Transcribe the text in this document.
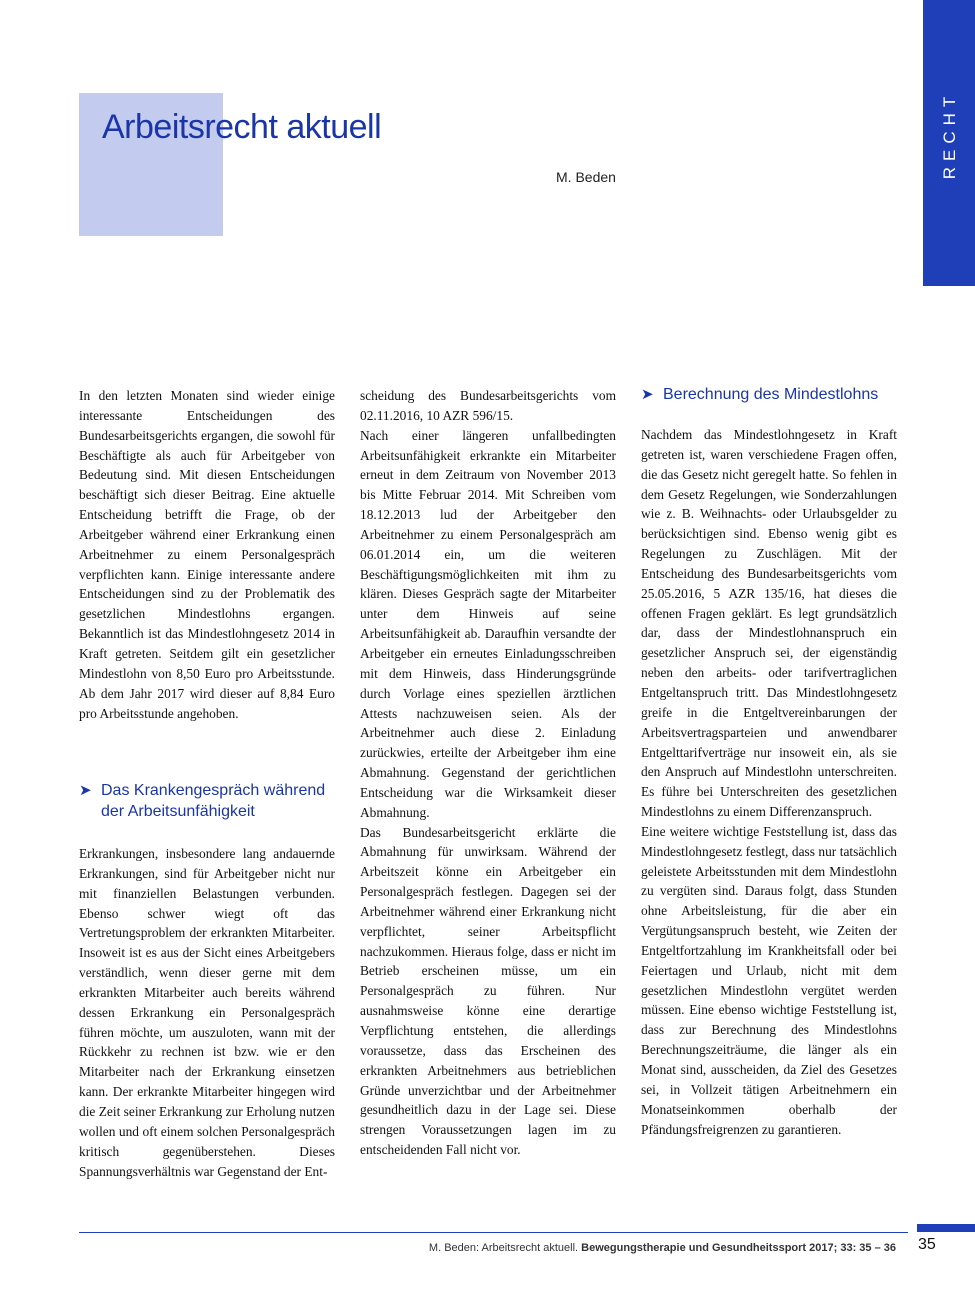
Arbeitsrecht aktuell
M. Beden	RECHT

In den letzten Monaten sind wieder einige interessante Entscheidungen des Bundesarbeitsgerichts ergangen, die sowohl für Beschäftigte als auch für Arbeitgeber von Bedeutung sind. Mit diesen Entscheidungen beschäftigt sich dieser Beitrag. Eine aktuelle Entscheidung betrifft die Frage, ob der Arbeitgeber während einer Erkrankung einen Arbeitnehmer zu einem Personalgespräch verpflichten kann. Einige interessante andere Entscheidungen sind zu der Problematik des gesetzlichen Mindestlohns ergangen. Bekanntlich ist das Mindestlohngesetz 2014 in Kraft getreten. Seitdem gilt ein gesetzlicher Mindestlohn von 8,50 Euro pro Arbeitsstunde. Ab dem Jahr 2017 wird dieser auf 8,84 Euro pro Arbeitsstunde angehoben.

➤ Das Krankengespräch während der Arbeitsunfähigkeit

Erkrankungen, insbesondere lang andauernde Erkrankungen, sind für Arbeitgeber nicht nur mit finanziellen Belastungen verbunden. Ebenso schwer wiegt oft das Vertretungsproblem der erkrankten Mitarbeiter. Insoweit ist es aus der Sicht eines Arbeitgebers verständlich, wenn dieser gerne mit dem erkrankten Mitarbeiter auch bereits während dessen Erkrankung ein Personalgespräch führen möchte, um auszuloten, wann mit der Rückkehr zu rechnen ist bzw. wie er den Mitarbeiter nach der Erkrankung einsetzen kann. Der erkrankte Mitarbeiter hingegen wird die Zeit seiner Erkrankung zur Erholung nutzen wollen und oft einem solchen Personalgespräch kritisch gegenüberstehen. Dieses Spannungsverhältnis war Gegenstand der Ent-

scheidung des Bundesarbeitsgerichts vom 02.11.2016, 10 AZR 596/15.

Nach einer längeren unfallbedingten Arbeitsunfähigkeit erkrankte ein Mitarbeiter erneut in dem Zeitraum von November 2013 bis Mitte Februar 2014. Mit Schreiben vom 18.12.2013 lud der Arbeitgeber den Arbeitnehmer zu einem Personalgespräch am 06.01.2014 ein, um die weiteren Beschäftigungsmöglichkeiten mit ihm zu klären. Dieses Gespräch sagte der Mitarbeiter unter dem Hinweis auf seine Arbeitsunfähigkeit ab. Daraufhin versandte der Arbeitgeber ein erneutes Einladungsschreiben mit dem Hinweis, dass Hinderungsgründe durch Vorlage eines speziellen ärztlichen Attests nachzuweisen seien. Als der Arbeitnehmer auch diese 2. Einladung zurückwies, erteilte der Arbeitgeber ihm eine Abmahnung. Gegenstand der gerichtlichen Entscheidung war die Wirksamkeit dieser Abmahnung.

Das Bundesarbeitsgericht erklärte die Abmahnung für unwirksam. Während der Arbeitszeit könne ein Arbeitgeber ein Personalgespräch festlegen. Dagegen sei der Arbeitnehmer während einer Erkrankung nicht verpflichtet, seiner Arbeitspflicht nachzukommen. Hieraus folge, dass er nicht im Betrieb erscheinen müsse, um ein Personalgespräch zu führen. Nur ausnahmsweise könne eine derartige Verpflichtung entstehen, die allerdings voraussetze, dass das Erscheinen des erkrankten Arbeitnehmers aus betrieblichen Gründe unverzichtbar und der Arbeitnehmer gesundheitlich dazu in der Lage sei. Diese strengen Voraussetzungen lagen im zu entscheidenden Fall nicht vor.

➤ Berechnung des Mindestlohns

Nachdem das Mindestlohngesetz in Kraft getreten ist, waren verschiedene Fragen offen, die das Gesetz nicht geregelt hatte. So fehlen in dem Gesetz Regelungen, wie Sonderzahlungen wie z. B. Weihnachts- oder Urlaubsgelder zu berücksichtigen sind. Ebenso wenig gibt es Regelungen zu Zuschlägen. Mit der Entscheidung des Bundesarbeitsgerichts vom 25.05.2016, 5 AZR 135/16, hat dieses die offenen Fragen geklärt. Es legt grundsätzlich dar, dass der Mindestlohnanspruch ein gesetzlicher Anspruch sei, der eigenständig neben den arbeits- oder tarifvertraglichen Entgeltanspruch tritt. Das Mindestlohngesetz greife in die Entgeltvereinbarungen der Arbeitsvertragsparteien und anwendbarer Entgelttarifverträge nur insoweit ein, als sie den Anspruch auf Mindestlohn unterschreiten. Es führe bei Unterschreiten des gesetzlichen Mindestlohns zu einem Differenzanspruch.

Eine weitere wichtige Feststellung ist, dass das Mindestlohngesetz festlegt, dass nur tatsächlich geleistete Arbeitsstunden mit dem Mindestlohn zu vergüten sind. Daraus folgt, dass Stunden ohne Arbeitsleistung, für die aber ein Vergütungsanspruch besteht, wie Zeiten der Entgeltfortzahlung im Krankheitsfall oder bei Feiertagen und Urlaub, nicht mit dem gesetzlichen Mindestlohn vergütet werden müssen. Eine ebenso wichtige Feststellung ist, dass zur Berechnung des Mindestlohns Berechnungszeiträume, die länger als ein Monat sind, ausscheiden, da Ziel des Gesetzes sei, in Vollzeit tätigen Arbeitnehmern ein Monatseinkommen oberhalb der Pfändungsfreigrenzen zu garantieren.

M. Beden: Arbeitsrecht aktuell. Bewegungstherapie und Gesundheitssport 2017; 33: 35 – 36 35
